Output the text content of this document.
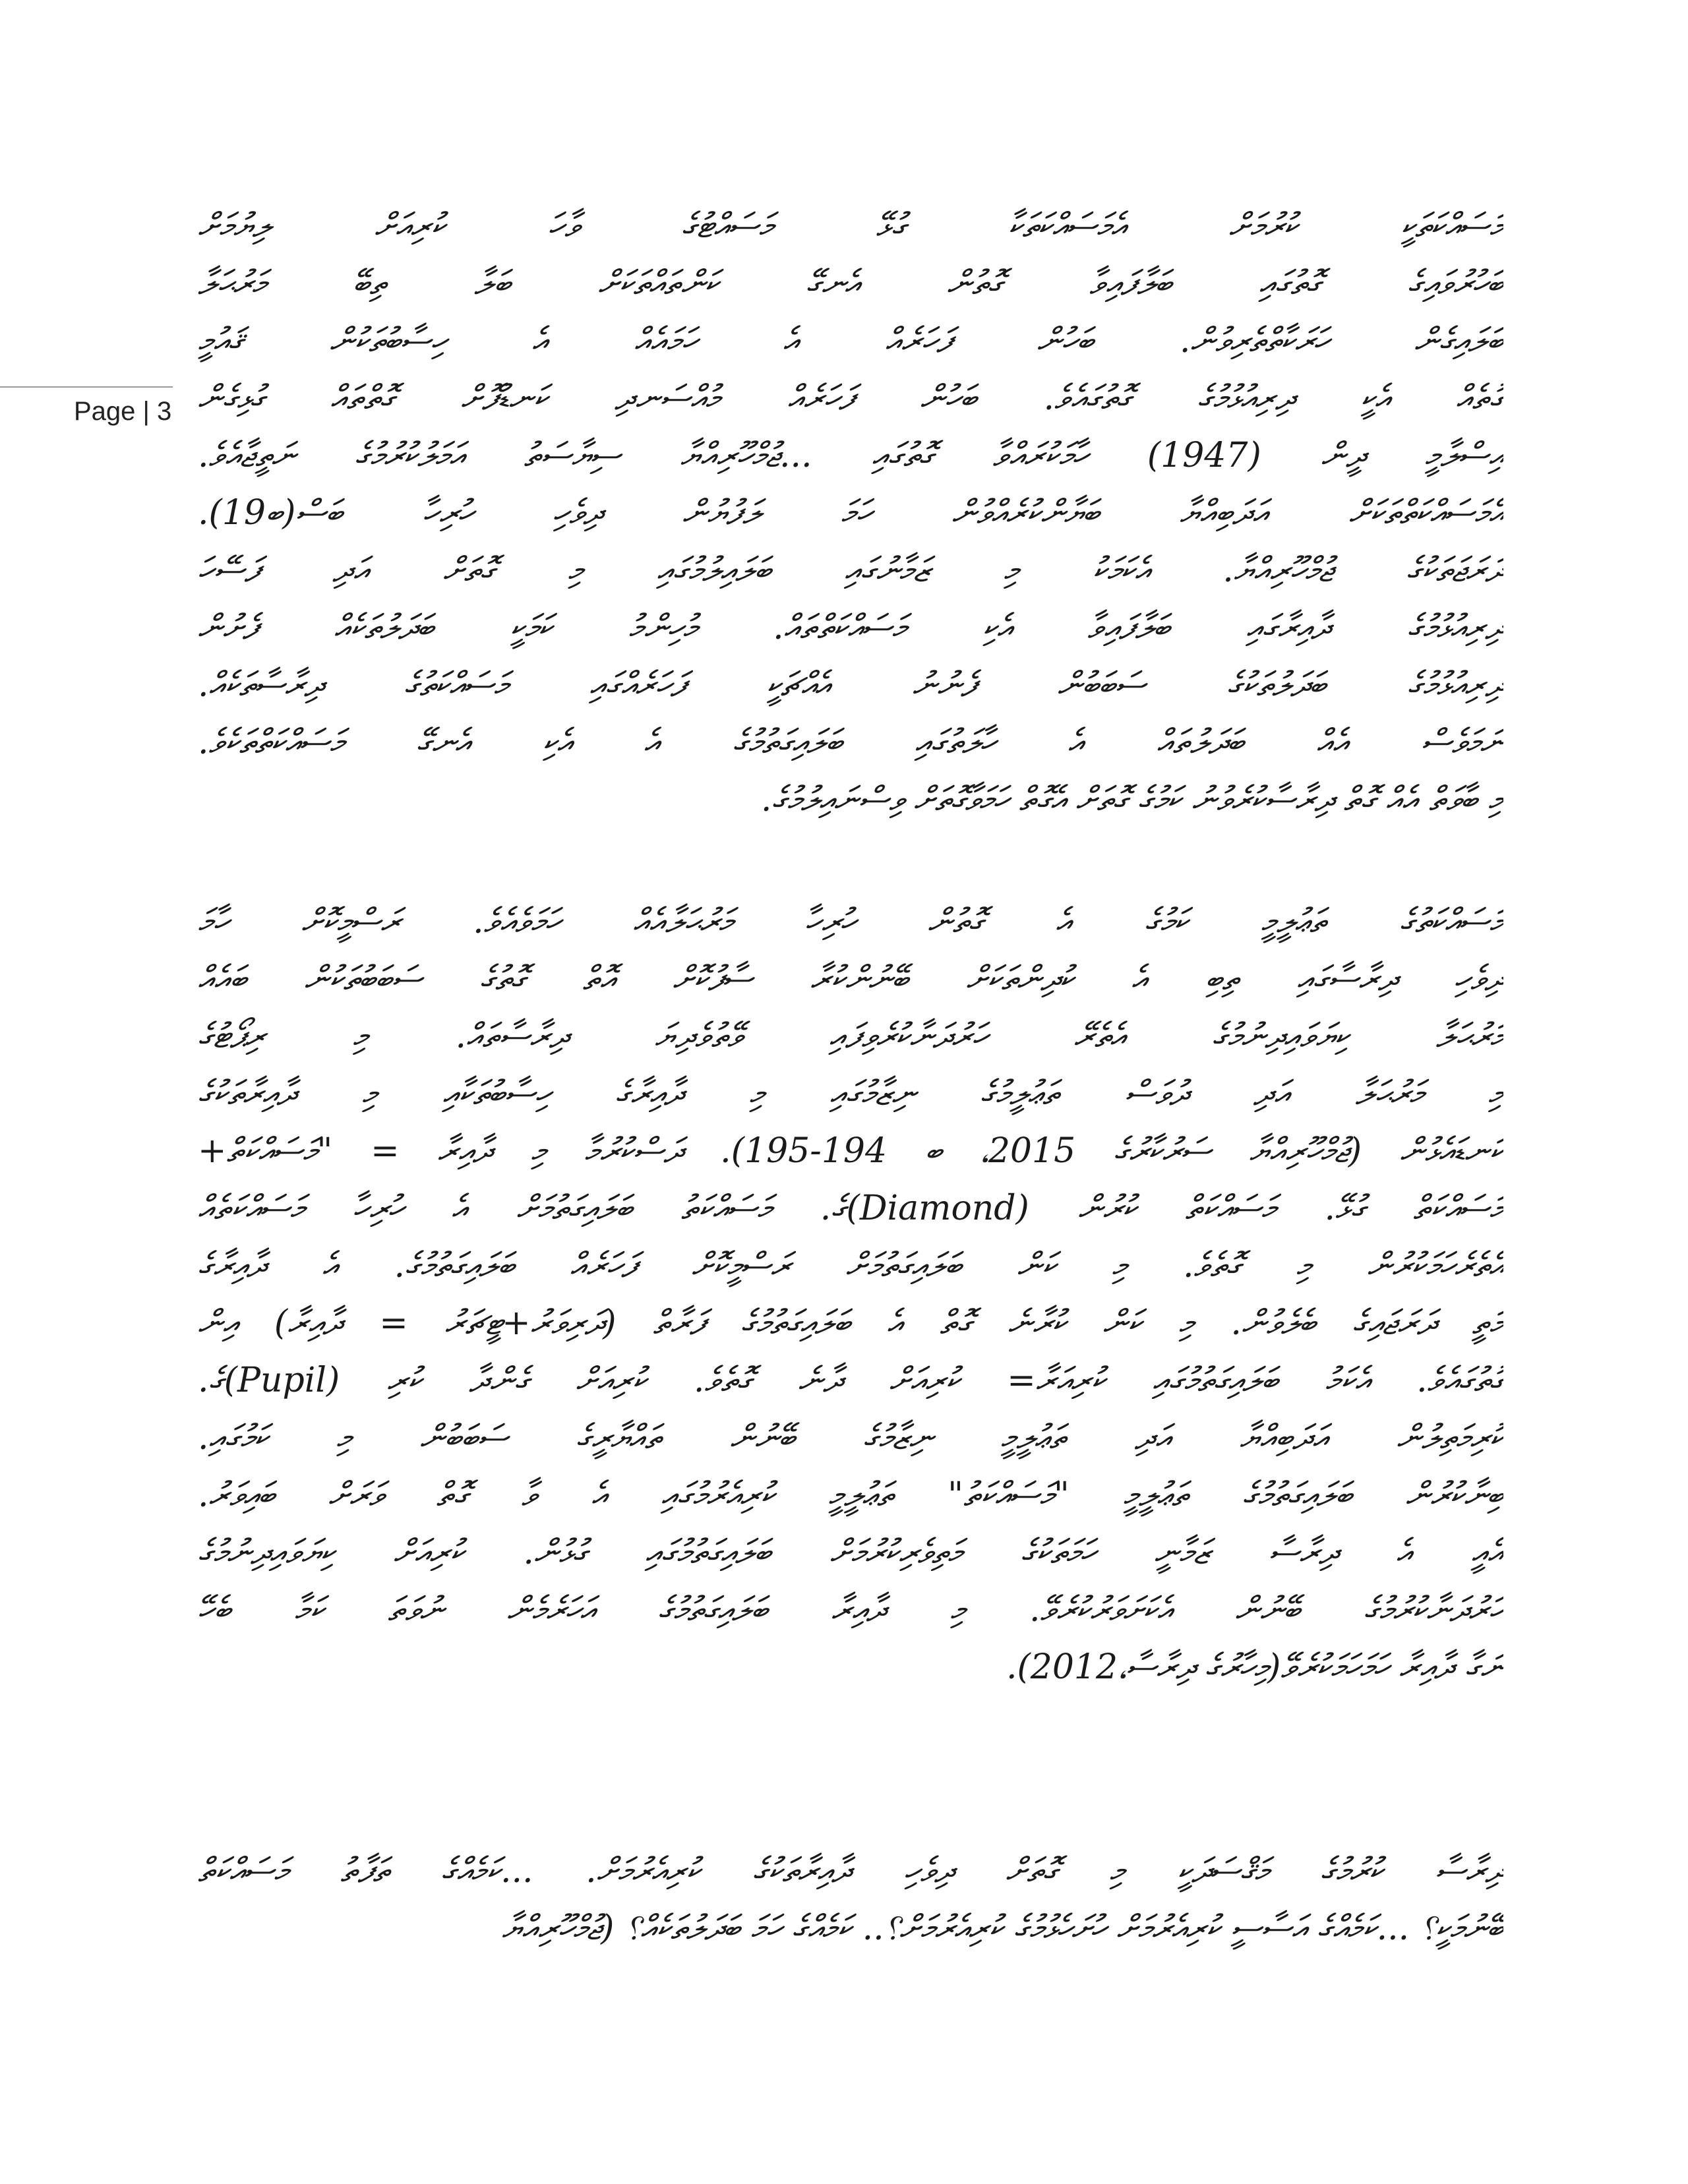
Page | 3
މަސައްކަތަކީ ކުރުމަށް އެމަސައްކަތަކާ ގުޅޭ މަސައްޓުގެ ވާހަ ކުރިއަށް ލިޔުމަށް
ބަހުރުވައިގެ ގޮތުގައި ބަލާފައިވާ ގޮތުން އެނގޭ ކަންތައްތަކަށް ބަލާ ތިބޭ މަރުޙަލާ
ބަލައިގެން ހަރަކާތްތެރިވުން. ބަހުން ފަހަރެއް އެ ހަމައެއް އެ ހިސާބުތަކުން ޤައުމީ
ގޮތެއް އެކީ ދިރިއުޅުމުގެ ގޮތުގައެވެ. ބަހުން ފަހަރެއް މުއްސަނދި ކަނޑުފޮށް ގޮތްތައް ގުޅިގެން
އިސްލާމީ ދީން (1947) ހާމަކުރައްވާ ގޮތުގައި ...ޖުމްހޫރިއްޔާ ސިޔާސަތު އަމަލުކުރުމުގެ ނަތީޖާއެވެ.
އެމަސައްކަތްތަކަށް އަދަބިއްޔާ ބަޔާންކުރެއްވުން ހަމަ ލަފުޔުން ދިވެހި ހުރިހާ ބަސް(ބ19).
ދަރަޖަތަކުގެ ޖުމްހޫރިއްޔާ. އެކަމަކު މި ޒަމާނުގައި ބަލައިލުމުގައި މި ގޮތަށް އަދި ފަސޭހަ
ދިރިއުޅުމުގެ ދާއިރާގައި ބަލާފައިވާ އެކި މަސައްކަތްތައް. މުހިންމު ކަމަކީ ބަދަލުތަކެއް ފެށުން
ދިރިއުޅުމުގެ ބަދަލުތަކުގެ ސަބަބުން ފެނުނު އެއްޗަކީ ފަހަރެއްގައި މަސައްކަތުގެ ދިރާސާތަކެއް.
ނަމަވެސް އެއް ބަދަލުތައް އެ ހާލަތުގައި ބަލައިގަތުމުގެ އެ އެކި އެނގޭ މަސައްކަތްތަކެވެ.
މި ބާވަތް އެއް ގޮތް ދިރާސާކުރެވުނު ކަމުގެ ގޮތަށް އެގޮތް ހަމަވާގޮތަށް ވިސްނައިލުމުގެ.
މަސައްކަތުގެ ތަޢުލީމީ ކަމުގެ އެ ގޮތުން ހުރިހާ މަރުޙަލާއެއް ހަމަވެއެވެ. ރަސްމީކޮށް ހާމަ
ދިވެހި ދިރާސާގައި ތިބި އެ ކުދިންތަކަށް ބޭނުންކުރާ ސާފުކޮށް އޮތް ގޮތުގެ ސަބަބުތަކުން ބައެއް
މަރުޙަލާ ކިޔަވައިދިނުމުގެ އެތެރޭ ހަރުދަނާކުރެވިފައި ވޭތުވެދިޔަ ދިރާސާތައް. މި ރިޕޯޓުގެ
މި މަރުޙަލާ އަދި ދުވަސް ތަޢުލީމުގެ ނިޒާމުގައި މި ދާއިރާގެ ހިސާބުތަކާއި މި ދާއިރާތަކުގެ
ކަނޑައެޅުން (ޖުމްހޫރިއްޔާ ސަރުކާރުގެ 2015، ބ 194-195). ދަސްކުރުމާ މި ދާއިރާ = "މަސައްކަތް+
މަސައްކަތް ގުޅޭ. މަސައްކަތް ކުރުން (Diamond)ގެ. މަސައްކަތު ބަލައިގަތުމަށް އެ ހުރިހާ މަސައްކަތެއް
އެތެރެހަމަކުރުން މި ގޮތެވެ. މި ކަން ބަލައިގަތުމަށް ރަސްމީކޮށް ފަހަރެއް ބަލައިގަތުމުގެ. އެ ދާއިރާގެ
މަތީ ދަރަޖައިގެ ބެލެވުން. މި ކަން ކުރާނެ ގޮތް އެ ބަލައިގަތުމުގެ ފަރާތް (ދަރިވަރު+ޓީޗަރު = ދާއިރާ) އިން
ގޮތުގައެވެ. އެކަމު ބަލައިގަތުމުގައި ކުރިއަރާ= ކުރިއަށް ދާނެ ގޮތެވެ. ކުރިއަށް ގެންދާ ކުރި (Pupil)ގެ.
ކުރިމަތިލުން އަދަބިއްޔާ އަދި ތަޢުލީމީ ނިޒާމުގެ ބޭނުން ތައްޔާރީގެ ސަބަބުން މި ކަމުގައި.
ބިނާކުރުން ބަލައިގަތުމުގެ ތަޢުލީމީ "މަސައްކަތު" ތަޢުލީމީ ކުރިއެރުމުގައި އެ ވާ ގޮތް ވަރަށް ބައިވަރު.
އެއީ އެ ދިރާސާ ޒަމާނީ ހަމަތަކުގެ މަތިވެރިކުރުމަށް ބަލައިގަތުމުގައި ގުޅުން. ކުރިއަށް ކިޔަވައިދިނުމުގެ
ހަރުދަނާކުރުމުގެ ބޭނުން އެކަށަވަރުކުރެވޭ. މި ދާއިރާ ބަލައިގަތުމުގެ އަހަރެމެން ނުވަތަ ކަމާ ބެހޭ
ނަގާ ދާއިރާ ހަމަހަމަކުރެވޭ(މިހާރުގެ ދިރާސާ،2012).
ދިރާސާ ކުރުމުގެ މަޤްސަދަކީ މި ގޮތަށް ދިވެހި ދާއިރާތަކުގެ ކުރިއެރުމަށް. ...ކަމެއްގެ ތަފާތު މަސައްކަތް
ބޭނުމަކީ؟ ...ކަމެއްގެ އަސާސީ ކުރިއެރުމަށް ހުށަހެޅުމުގެ ކުރިއެރުމަށް؟.. ކަމެއްގެ ހަމަ ބަދަލުތަކެއް؟ (ޖުމްހޫރިއްޔާ
